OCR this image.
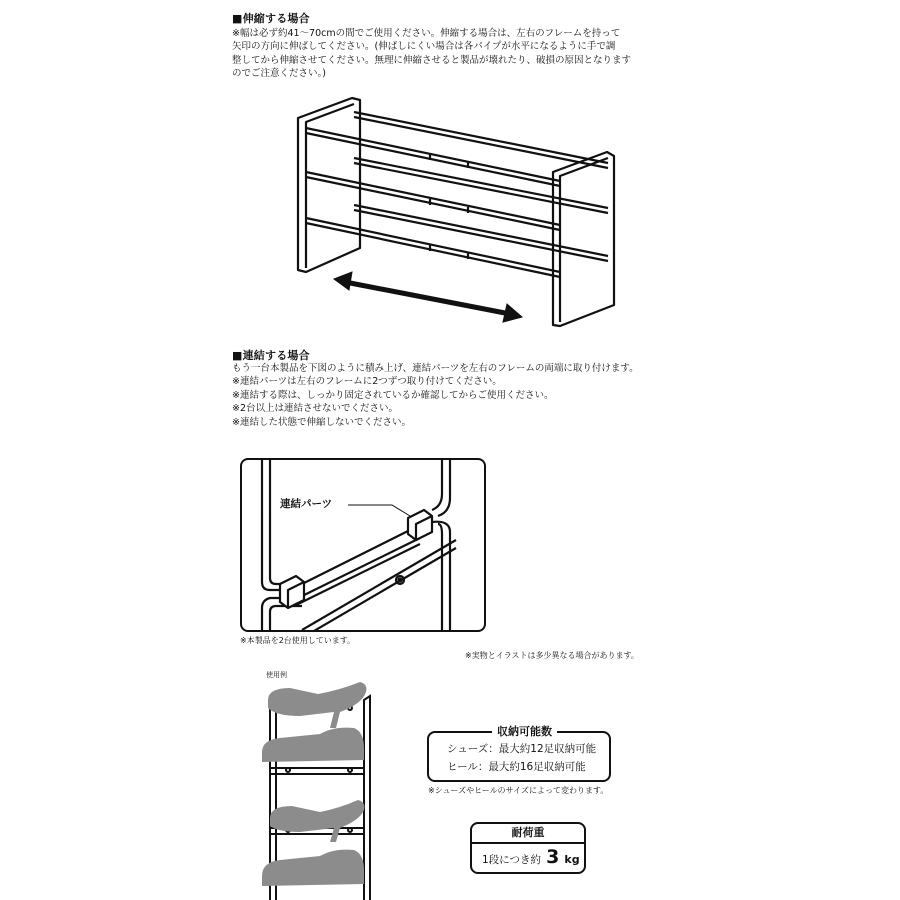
■伸縮する場合
※幅は必ず約41〜70cmの間でご使用ください。伸縮する場合は、左右のフレームを持って
矢印の方向に伸ばしてください。(伸ばしにくい場合は各パイプが水平になるように手で調
整してから伸縮させてください。無理に伸縮させると製品が壊れたり、破損の原因となります
のでご注意ください。)
■連結する場合
もう一台本製品を下図のように積み上げ、連結パーツを左右のフレームの両端に取り付けます。
※連結パーツは左右のフレームに2つずつ取り付けてください。
※連結する際は、しっかり固定されているか確認してからご使用ください。
※2台以上は連結させないでください。
※連結した状態で伸縮しないでください。
連結パーツ
※本製品を2台使用しています。
※実物とイラストは多少異なる場合があります。
使用例
シューズ：最大約12足収納可能
ヒール：最大約16足収納可能
収納可能数
※シューズやヒールのサイズによって変わります。
耐荷重
1段につき約 3 kg
